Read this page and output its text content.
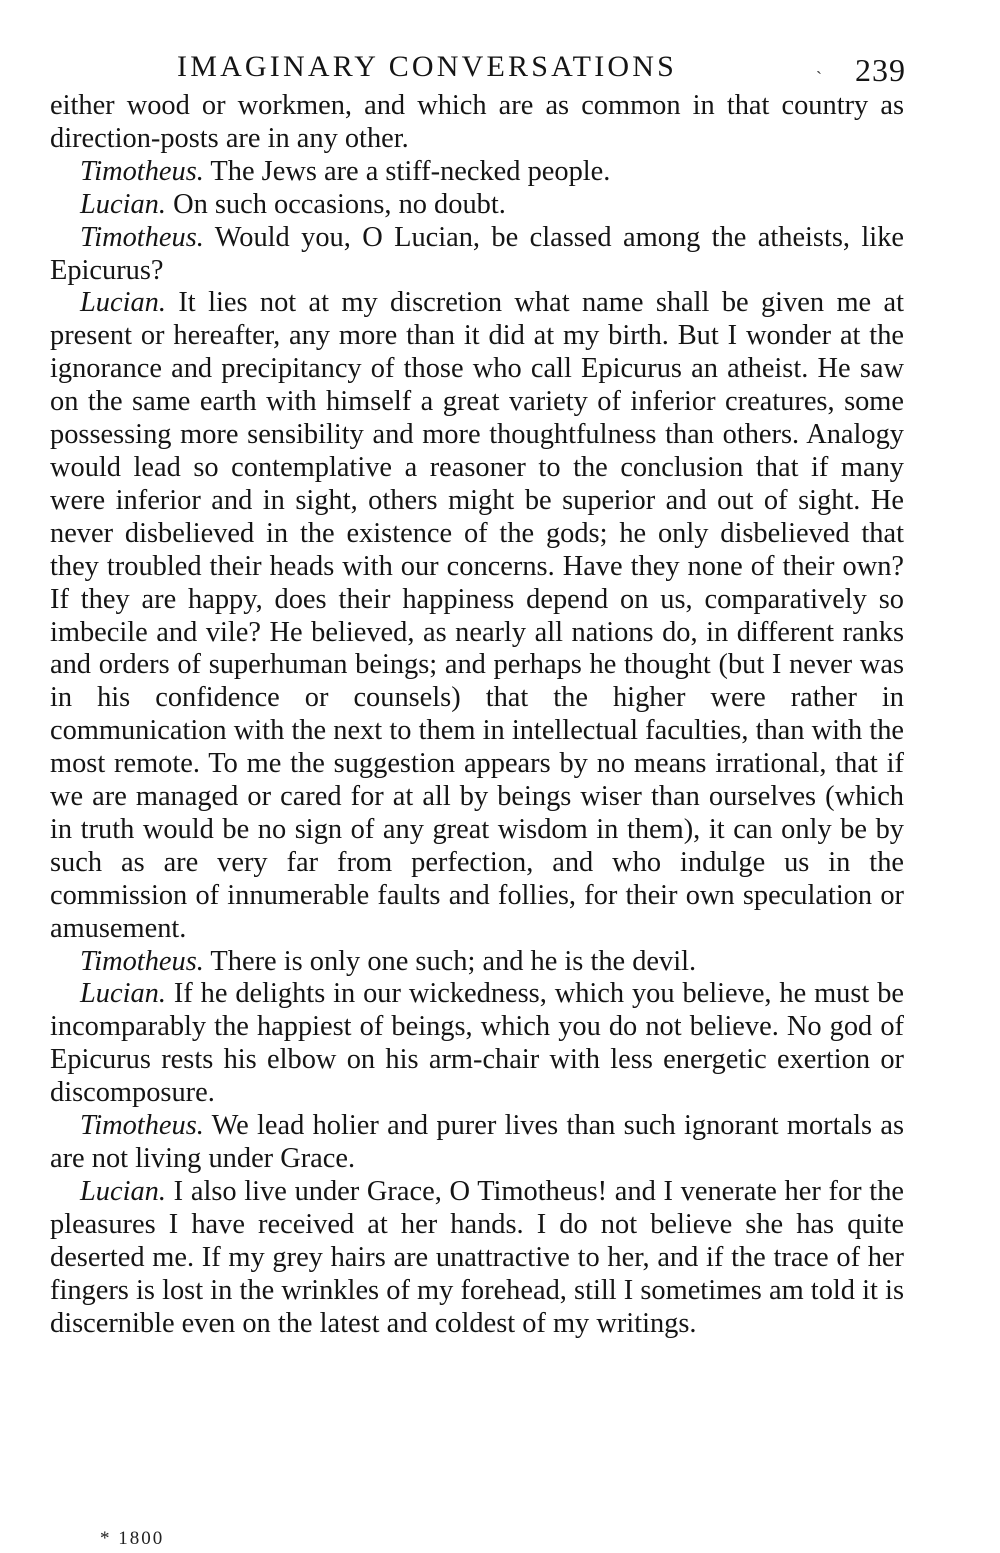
IMAGINARY CONVERSATIONS	ˎ 239

either wood or workmen, and which are as common in that country as direction-posts are in any other.

Timotheus. The Jews are a stiff-necked people.

Lucian. On such occasions, no doubt.

Timotheus. Would you, O Lucian, be classed among the atheists, like Epicurus?

Lucian. It lies not at my discretion what name shall be given me at present or hereafter, any more than it did at my birth. But I wonder at the ignorance and precipitancy of those who call Epicurus an atheist. He saw on the same earth with himself a great variety of inferior creatures, some possessing more sensibility and more thoughtfulness than others. Analogy would lead so contemplative a reasoner to the conclusion that if many were inferior and in sight, others might be superior and out of sight. He never disbelieved in the existence of the gods; he only disbelieved that they troubled their heads with our concerns. Have they none of their own? If they are happy, does their happiness depend on us, comparatively so imbecile and vile? He believed, as nearly all nations do, in different ranks and orders of superhuman beings; and perhaps he thought (but I never was in his confidence or counsels) that the higher were rather in communication with the next to them in intellectual faculties, than with the most remote. To me the suggestion appears by no means irrational, that if we are managed or cared for at all by beings wiser than ourselves (which in truth would be no sign of any great wisdom in them), it can only be by such as are very far from perfection, and who indulge us in the commission of innumerable faults and follies, for their own speculation or amusement.

Timotheus. There is only one such; and he is the devil.

Lucian. If he delights in our wickedness, which you believe, he must be incomparably the happiest of beings, which you do not believe. No god of Epicurus rests his elbow on his arm-chair with less energetic exertion or discomposure.

Timotheus. We lead holier and purer lives than such ignorant mortals as are not living under Grace.

Lucian. I also live under Grace, O Timotheus! and I venerate her for the pleasures I have received at her hands. I do not believe she has quite deserted me. If my grey hairs are unattractive to her, and if the trace of her fingers is lost in the wrinkles of my forehead, still I sometimes am told it is discernible even on the latest and coldest of my writings.

* 1800
